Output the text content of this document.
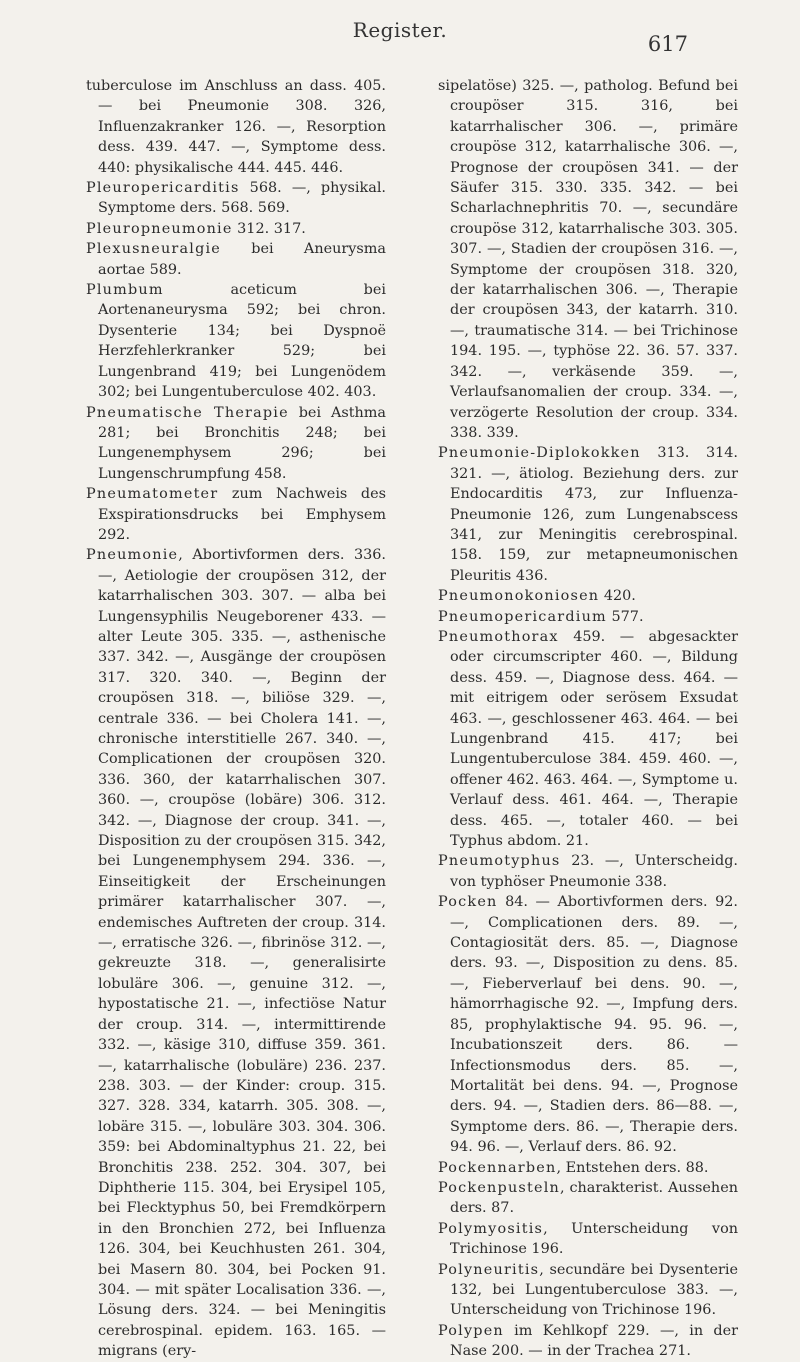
Register.
617

tuberculose im Anschluss an dass. 405. — bei Pneumonie 308. 326, Influenzakranker 126. —, Resorption dess. 439. 447. —, Symptome dess. 440: physikalische 444. 445. 446.

Pleuropericarditis 568. —, physikal. Symptome ders. 568. 569.

Pleuropneumonie 312. 317.

Plexusneuralgie bei Aneurysma aortae 589.

Plumbum aceticum bei Aortenaneurysma 592; bei chron. Dysenterie 134; bei Dyspnoë Herzfehlerkranker 529; bei Lungenbrand 419; bei Lungenödem 302; bei Lungentuberculose 402. 403.

Pneumatische Therapie bei Asthma 281; bei Bronchitis 248; bei Lungenemphysem 296; bei Lungenschrumpfung 458.

Pneumatometer zum Nachweis des Exspirationsdrucks bei Emphysem 292.

Pneumonie, Abortivformen ders. 336. —, Aetiologie der croupösen 312, der katarrhalischen 303. 307. — alba bei Lungensyphilis Neugeborener 433. — alter Leute 305. 335. —, asthenische 337. 342. —, Ausgänge der croupösen 317. 320. 340. —, Beginn der croupösen 318. —, biliöse 329. —, centrale 336. — bei Cholera 141. —, chronische interstitielle 267. 340. —, Complicationen der croupösen 320. 336. 360, der katarrhalischen 307. 360. —, croupöse (lobäre) 306. 312. 342. —, Diagnose der croup. 341. —, Disposition zu der croupösen 315. 342, bei Lungenemphysem 294. 336. —, Einseitigkeit der Erscheinungen primärer katarrhalischer 307. —, endemisches Auftreten der croup. 314. —, erratische 326. —, fibrinöse 312. —, gekreuzte 318. —, generalisirte lobuläre 306. —, genuine 312. —, hypostatische 21. —, infectiöse Natur der croup. 314. —, intermittirende 332. —, käsige 310, diffuse 359. 361. —, katarrhalische (lobuläre) 236. 237. 238. 303. — der Kinder: croup. 315. 327. 328. 334, katarrh. 305. 308. —, lobäre 315. —, lobuläre 303. 304. 306. 359: bei Abdominaltyphus 21. 22, bei Bronchitis 238. 252. 304. 307, bei Diphtherie 115. 304, bei Erysipel 105, bei Flecktyphus 50, bei Fremdkörpern in den Bronchien 272, bei Influenza 126. 304, bei Keuchhusten 261. 304, bei Masern 80. 304, bei Pocken 91. 304. — mit später Localisation 336. —, Lösung ders. 324. — bei Meningitis cerebrospinal. epidem. 163. 165. — migrans (ery-

sipelatöse) 325. —, patholog. Befund bei croupöser 315. 316, bei katarrhalischer 306. —, primäre croupöse 312, katarrhalische 306. —, Prognose der croupösen 341. — der Säufer 315. 330. 335. 342. — bei Scharlachnephritis 70. —, secundäre croupöse 312, katarrhalische 303. 305. 307. —, Stadien der croupösen 316. —, Symptome der croupösen 318. 320, der katarrhalischen 306. —, Therapie der croupösen 343, der katarrh. 310. —, traumatische 314. — bei Trichinose 194. 195. —, typhöse 22. 36. 57. 337. 342. —, verkäsende 359. —, Verlaufsanomalien der croup. 334. —, verzögerte Resolution der croup. 334. 338. 339.

Pneumonie-Diplokokken 313. 314. 321. —, ätiolog. Beziehung ders. zur Endocarditis 473, zur Influenza-Pneumonie 126, zum Lungenabscess 341, zur Meningitis cerebrospinal. 158. 159, zur metapneumonischen Pleuritis 436.

Pneumonokoniosen 420.

Pneumopericardium 577.

Pneumothorax 459. — abgesackter oder circumscripter 460. —, Bildung dess. 459. —, Diagnose dess. 464. — mit eitrigem oder serösem Exsudat 463. —, geschlossener 463. 464. — bei Lungenbrand 415. 417; bei Lungentuberculose 384. 459. 460. —, offener 462. 463. 464. —, Symptome u. Verlauf dess. 461. 464. —, Therapie dess. 465. —, totaler 460. — bei Typhus abdom. 21.

Pneumotyphus 23. —, Unterscheidg. von typhöser Pneumonie 338.

Pocken 84. — Abortivformen ders. 92. —, Complicationen ders. 89. —, Contagiosität ders. 85. —, Diagnose ders. 93. —, Disposition zu dens. 85. —, Fieberverlauf bei dens. 90. —, hämorrhagische 92. —, Impfung ders. 85, prophylaktische 94. 95. 96. —, Incubationszeit ders. 86. — Infectionsmodus ders. 85. —, Mortalität bei dens. 94. —, Prognose ders. 94. —, Stadien ders. 86—88. —, Symptome ders. 86. —, Therapie ders. 94. 96. —, Verlauf ders. 86. 92.

Pockennarben, Entstehen ders. 88.

Pockenpusteln, charakterist. Aussehen ders. 87.

Polymyositis, Unterscheidung von Trichinose 196.

Polyneuritis, secundäre bei Dysenterie 132, bei Lungentuberculose 383. —, Unterscheidung von Trichinose 196.

Polypen im Kehlkopf 229. —, in der Nase 200. — in der Trachea 271.
